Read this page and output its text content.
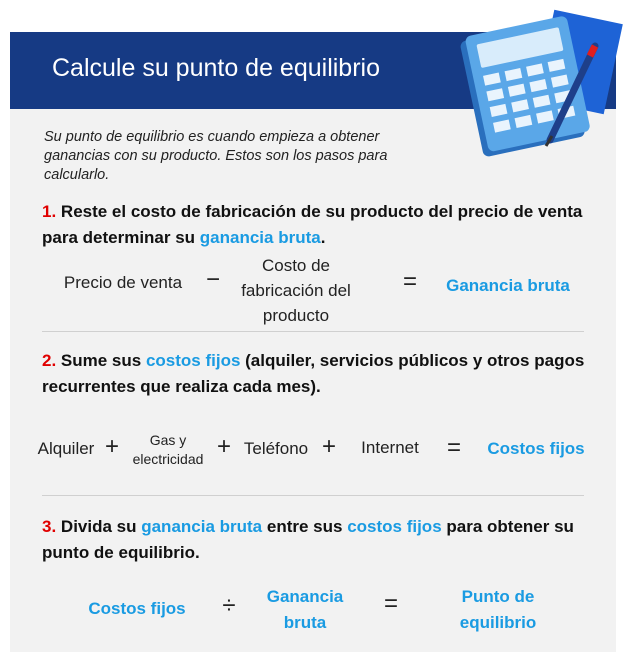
Calcule su punto de equilibrio
Su punto de equilibrio es cuando empieza a obtener ganancias con su producto. Estos son los pasos para calcularlo.
1. Reste el costo de fabricación de su producto del precio de venta para determinar su ganancia bruta.
Precio de venta −
Costo de fabricación del producto
=	Ganancia bruta
2. Sume sus costos fijos (alquiler, servicios públicos y otros pagos recurrentes que realiza cada mes).
Alquiler +	Gas y electricidad + Teléfono +	Internet	=	Costos fijos
3. Divida su ganancia bruta entre sus costos fijos para obtener su punto de equilibrio.
Costos fijos	÷	Ganancia bruta
=	Punto de equilibrio
